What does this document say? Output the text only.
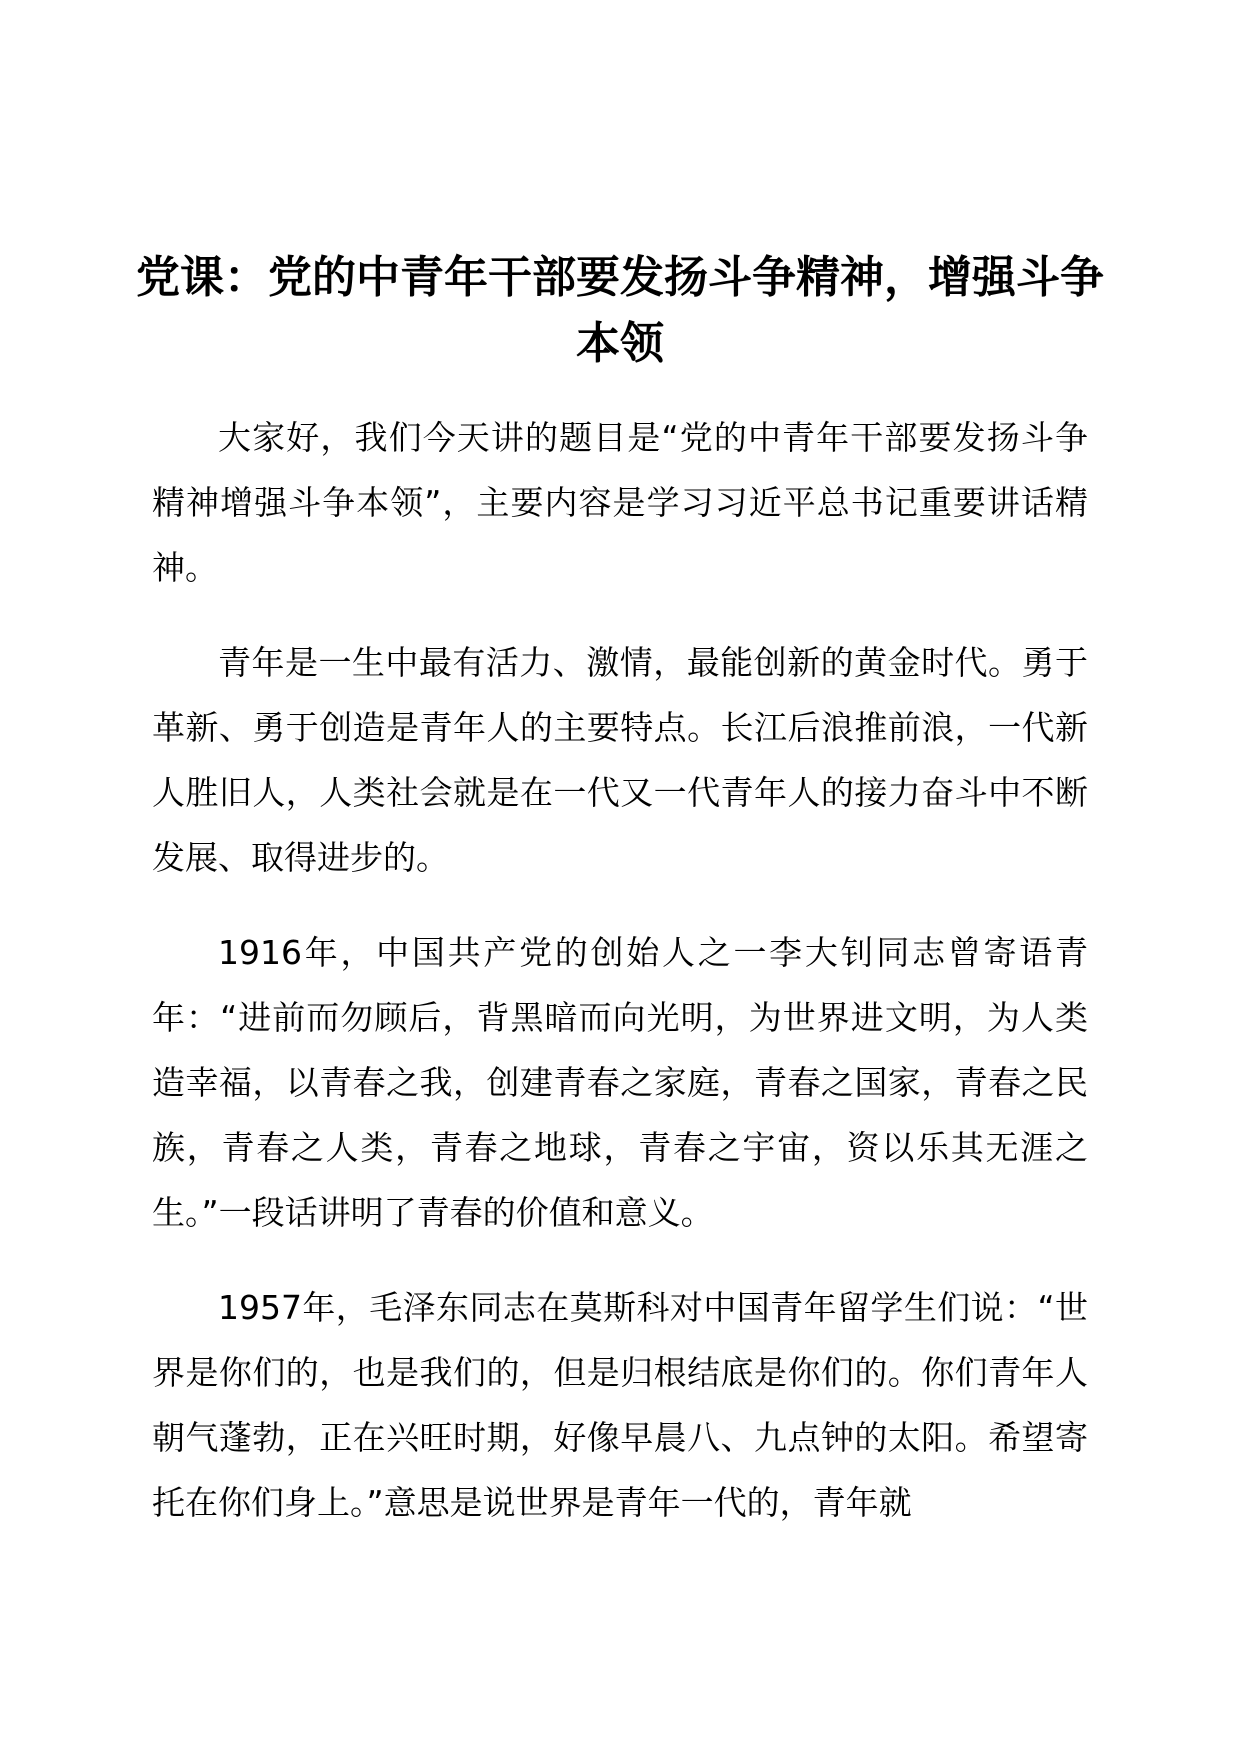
党课：党的中青年干部要发扬斗争精神，增强斗争本领

大家好，我们今天讲的题目是“党的中青年干部要发扬斗争精神增强斗争本领”，主要内容是学习习近平总书记重要讲话精神。

青年是一生中最有活力、激情，最能创新的黄金时代。勇于革新、勇于创造是青年人的主要特点。长江后浪推前浪，一代新人胜旧人，人类社会就是在一代又一代青年人的接力奋斗中不断发展、取得进步的。

1916年，中国共产党的创始人之一李大钊同志曾寄语青年：“进前而勿顾后，背黑暗而向光明，为世界进文明，为人类造幸福，以青春之我，创建青春之家庭，青春之国家，青春之民族，青春之人类，青春之地球，青春之宇宙，资以乐其无涯之生。”一段话讲明了青春的价值和意义。

1957年，毛泽东同志在莫斯科对中国青年留学生们说：“世界是你们的，也是我们的，但是归根结底是你们的。你们青年人朝气蓬勃，正在兴旺时期，好像早晨八、九点钟的太阳。希望寄托在你们身上。”意思是说世界是青年一代的，青年就
